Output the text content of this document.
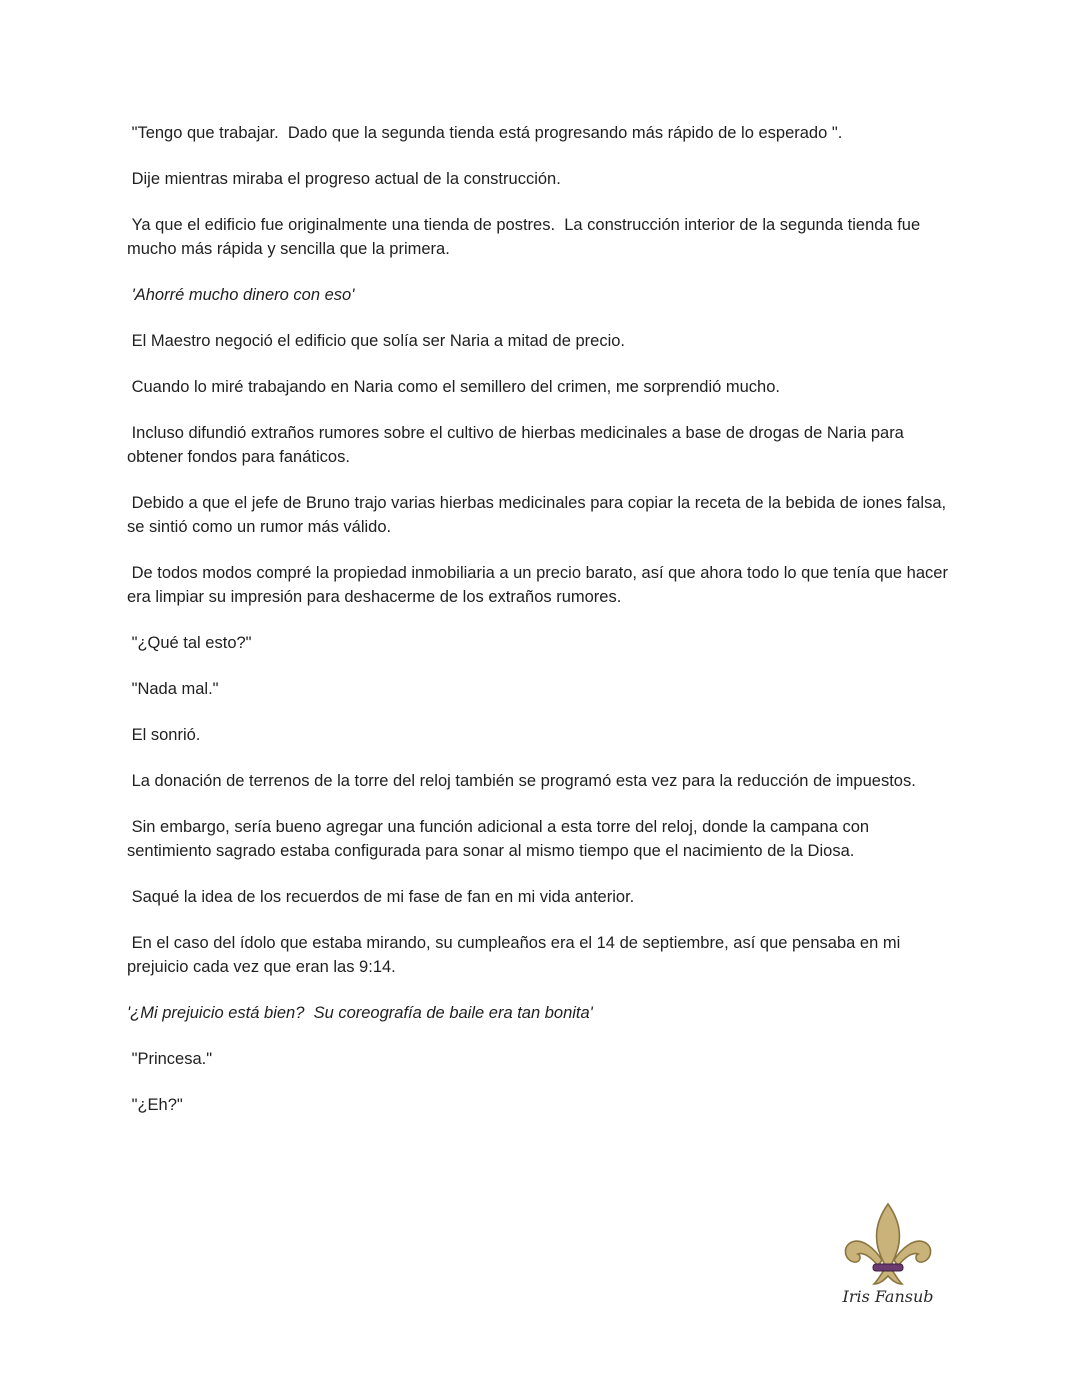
"Tengo que trabajar.  Dado que la segunda tienda está progresando más rápido de lo esperado ".

Dije mientras miraba el progreso actual de la construcción.

Ya que el edificio fue originalmente una tienda de postres.  La construcción interior de la segunda tienda fue mucho más rápida y sencilla que la primera.

'Ahorré mucho dinero con eso'

El Maestro negoció el edificio que solía ser Naria a mitad de precio.

Cuando lo miré trabajando en Naria como el semillero del crimen, me sorprendió mucho.

Incluso difundió extraños rumores sobre el cultivo de hierbas medicinales a base de drogas de Naria para obtener fondos para fanáticos.

Debido a que el jefe de Bruno trajo varias hierbas medicinales para copiar la receta de la bebida de iones falsa, se sintió como un rumor más válido.

De todos modos compré la propiedad inmobiliaria a un precio barato, así que ahora todo lo que tenía que hacer era limpiar su impresión para deshacerme de los extraños rumores.

"¿Qué tal esto?"

"Nada mal."

El sonrió.

La donación de terrenos de la torre del reloj también se programó esta vez para la reducción de impuestos.

Sin embargo, sería bueno agregar una función adicional a esta torre del reloj, donde la campana con sentimiento sagrado estaba configurada para sonar al mismo tiempo que el nacimiento de la Diosa.

Saqué la idea de los recuerdos de mi fase de fan en mi vida anterior.

En el caso del ídolo que estaba mirando, su cumpleaños era el 14 de septiembre, así que pensaba en mi prejuicio cada vez que eran las 9:14.

'¿Mi prejuicio está bien?  Su coreografía de baile era tan bonita'

"Princesa."

"¿Eh?"

Iris Fansub
